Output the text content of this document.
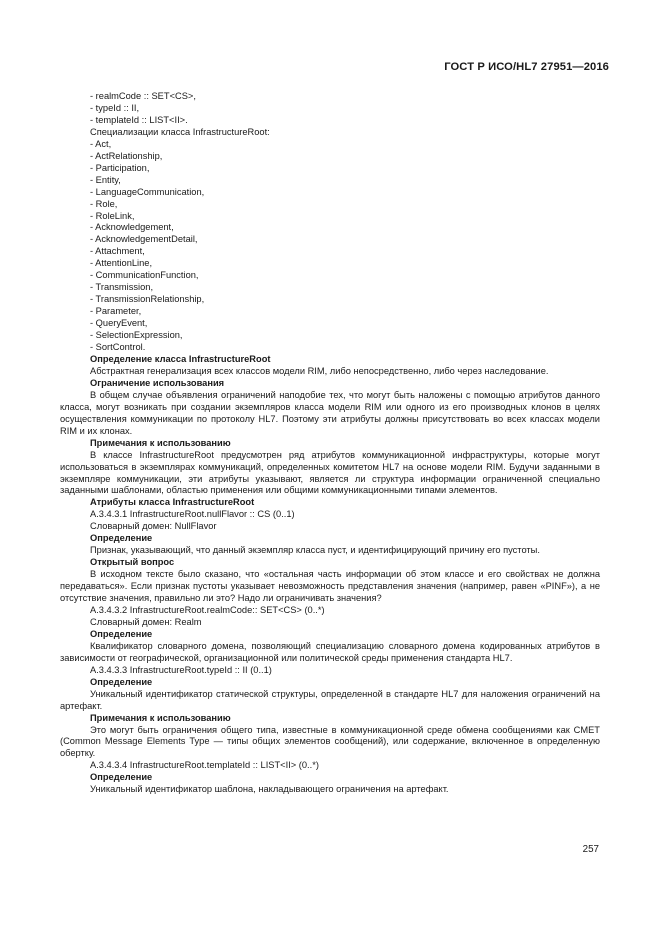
ГОСТ Р ИСО/HL7 27951—2016
- realmCode :: SET<CS>,
- typeId :: II,
- templateId :: LIST<II>.
Специализации класса InfrastructureRoot:
- Act,
- ActRelationship,
- Participation,
- Entity,
- LanguageCommunication,
- Role,
- RoleLink,
- Acknowledgement,
- AcknowledgementDetail,
- Attachment,
- AttentionLine,
- CommunicationFunction,
- Transmission,
- TransmissionRelationship,
- Parameter,
- QueryEvent,
- SelectionExpression,
- SortControl.
Определение класса InfrastructureRoot
Абстрактная генерализация всех классов модели RIM, либо непосредственно, либо через наследование.
Ограничение использования
В общем случае объявления ограничений наподобие тех, что могут быть наложены с помощью атрибутов данного класса, могут возникать при создании экземпляров класса модели RIM или одного из его производных клонов в целях осуществления коммуникации по протоколу HL7. Поэтому эти атрибуты должны присутствовать во всех классах модели RIM и их клонах.
Примечания к использованию
В классе InfrastructureRoot предусмотрен ряд атрибутов коммуникационной инфраструктуры, которые могут использоваться в экземплярах коммуникаций, определенных комитетом HL7 на основе модели RIM. Будучи заданными в экземпляре коммуникации, эти атрибуты указывают, является ли структура информации ограниченной специально заданными шаблонами, областью применения или общими коммуникационными типами элементов.
Атрибуты класса InfrastructureRoot
A.3.4.3.1 InfrastructureRoot.nullFlavor :: CS (0..1)
Словарный домен: NullFlavor
Определение
Признак, указывающий, что данный экземпляр класса пуст, и идентифицирующий причину его пустоты.
Открытый вопрос
В исходном тексте было сказано, что «остальная часть информации об этом классе и его свойствах не должна передаваться». Если признак пустоты указывает невозможность представления значения (например, равен «PINF»), а не отсутствие значения, правильно ли это? Надо ли ограничивать значения?
A.3.4.3.2 InfrastructureRoot.realmCode:: SET<CS> (0..*)
Словарный домен: Realm
Определение
Квалификатор словарного домена, позволяющий специализацию словарного домена кодированных атрибутов в зависимости от географической, организационной или политической среды применения стандарта HL7.
A.3.4.3.3 InfrastructureRoot.typeId :: II (0..1)
Определение
Уникальный идентификатор статической структуры, определенной в стандарте HL7 для наложения ограничений на артефакт.
Примечания к использованию
Это могут быть ограничения общего типа, известные в коммуникационной среде обмена сообщениями как CMET (Common Message Elements Type — типы общих элементов сообщений), или содержание, включенное в определенную обертку.
A.3.4.3.4 InfrastructureRoot.templateId :: LIST<II> (0..*)
Определение
Уникальный идентификатор шаблона, накладывающего ограничения на артефакт.
257
